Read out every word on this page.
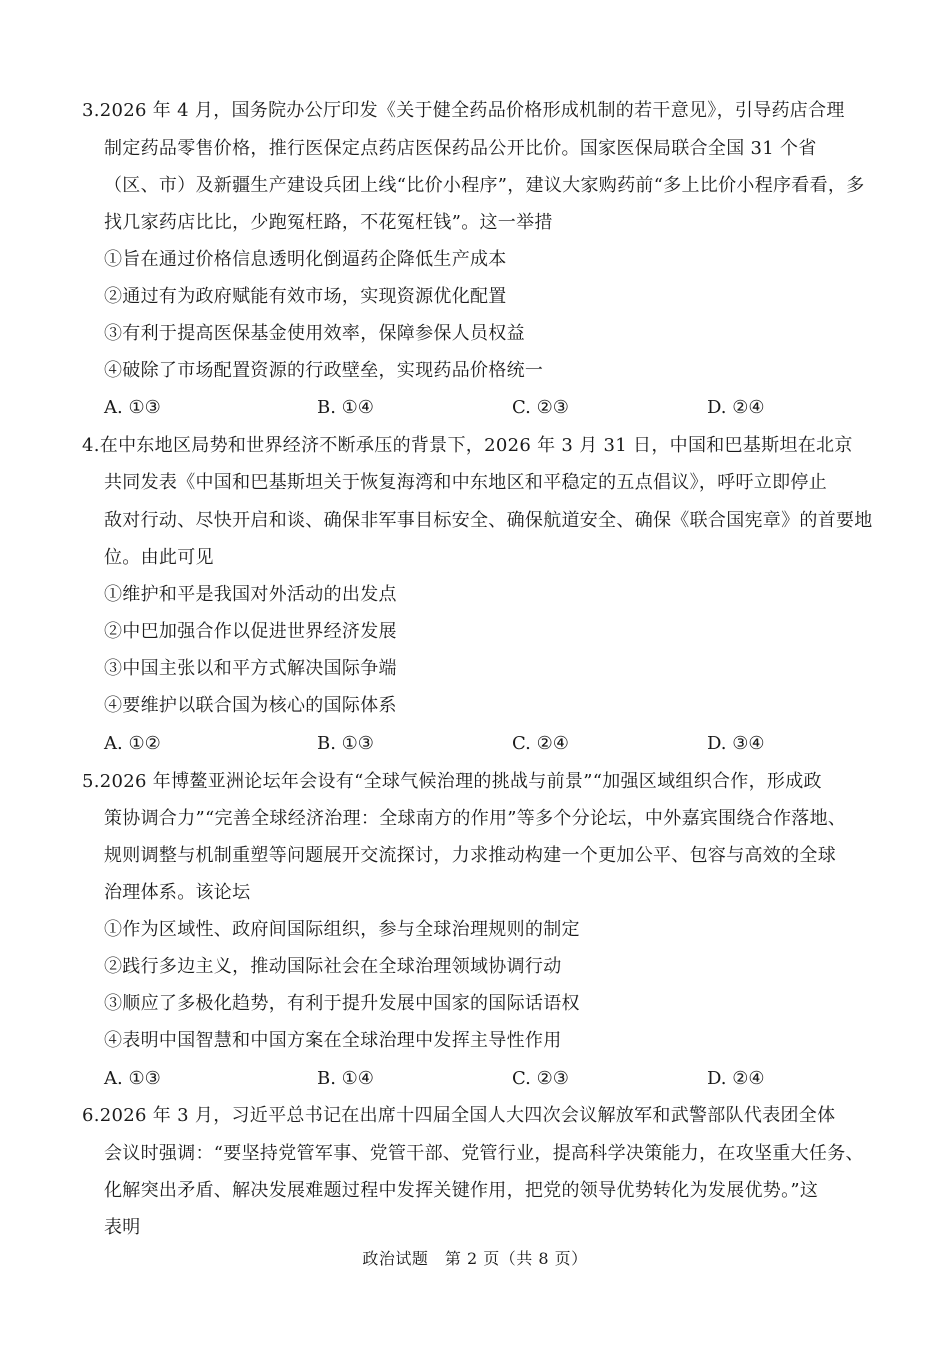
3.2026 年 4 月，国务院办公厅印发《关于健全药品价格形成机制的若干意见》，引导药店合理
制定药品零售价格，推行医保定点药店医保药品公开比价。国家医保局联合全国 31 个省
（区、市）及新疆生产建设兵团上线“比价小程序”，建议大家购药前“多上比价小程序看看，多
找几家药店比比，少跑冤枉路，不花冤枉钱”。这一举措
①旨在通过价格信息透明化倒逼药企降低生产成本
②通过有为政府赋能有效市场，实现资源优化配置
③有利于提高医保基金使用效率，保障参保人员权益
④破除了市场配置资源的行政壁垒，实现药品价格统一
A. ①③	B. ①④	C. ②③	D. ②④
4.在中东地区局势和世界经济不断承压的背景下，2026 年 3 月 31 日，中国和巴基斯坦在北京
共同发表《中国和巴基斯坦关于恢复海湾和中东地区和平稳定的五点倡议》，呼吁立即停止
敌对行动、尽快开启和谈、确保非军事目标安全、确保航道安全、确保《联合国宪章》的首要地
位。由此可见
①维护和平是我国对外活动的出发点
②中巴加强合作以促进世界经济发展
③中国主张以和平方式解决国际争端
④要维护以联合国为核心的国际体系
A. ①②	B. ①③	C. ②④	D. ③④
5.2026 年博鳌亚洲论坛年会设有“全球气候治理的挑战与前景”“加强区域组织合作，形成政
策协调合力”“完善全球经济治理：全球南方的作用”等多个分论坛，中外嘉宾围绕合作落地、
规则调整与机制重塑等问题展开交流探讨，力求推动构建一个更加公平、包容与高效的全球
治理体系。该论坛
①作为区域性、政府间国际组织，参与全球治理规则的制定
②践行多边主义，推动国际社会在全球治理领域协调行动
③顺应了多极化趋势，有利于提升发展中国家的国际话语权
④表明中国智慧和中国方案在全球治理中发挥主导性作用
A. ①③	B. ①④	C. ②③	D. ②④
6.2026 年 3 月，习近平总书记在出席十四届全国人大四次会议解放军和武警部队代表团全体
会议时强调：“要坚持党管军事、党管干部、党管行业，提高科学决策能力，在攻坚重大任务、
化解突出矛盾、解决发展难题过程中发挥关键作用，把党的领导优势转化为发展优势。”这
表明
政治试题　第 2 页（共 8 页）
